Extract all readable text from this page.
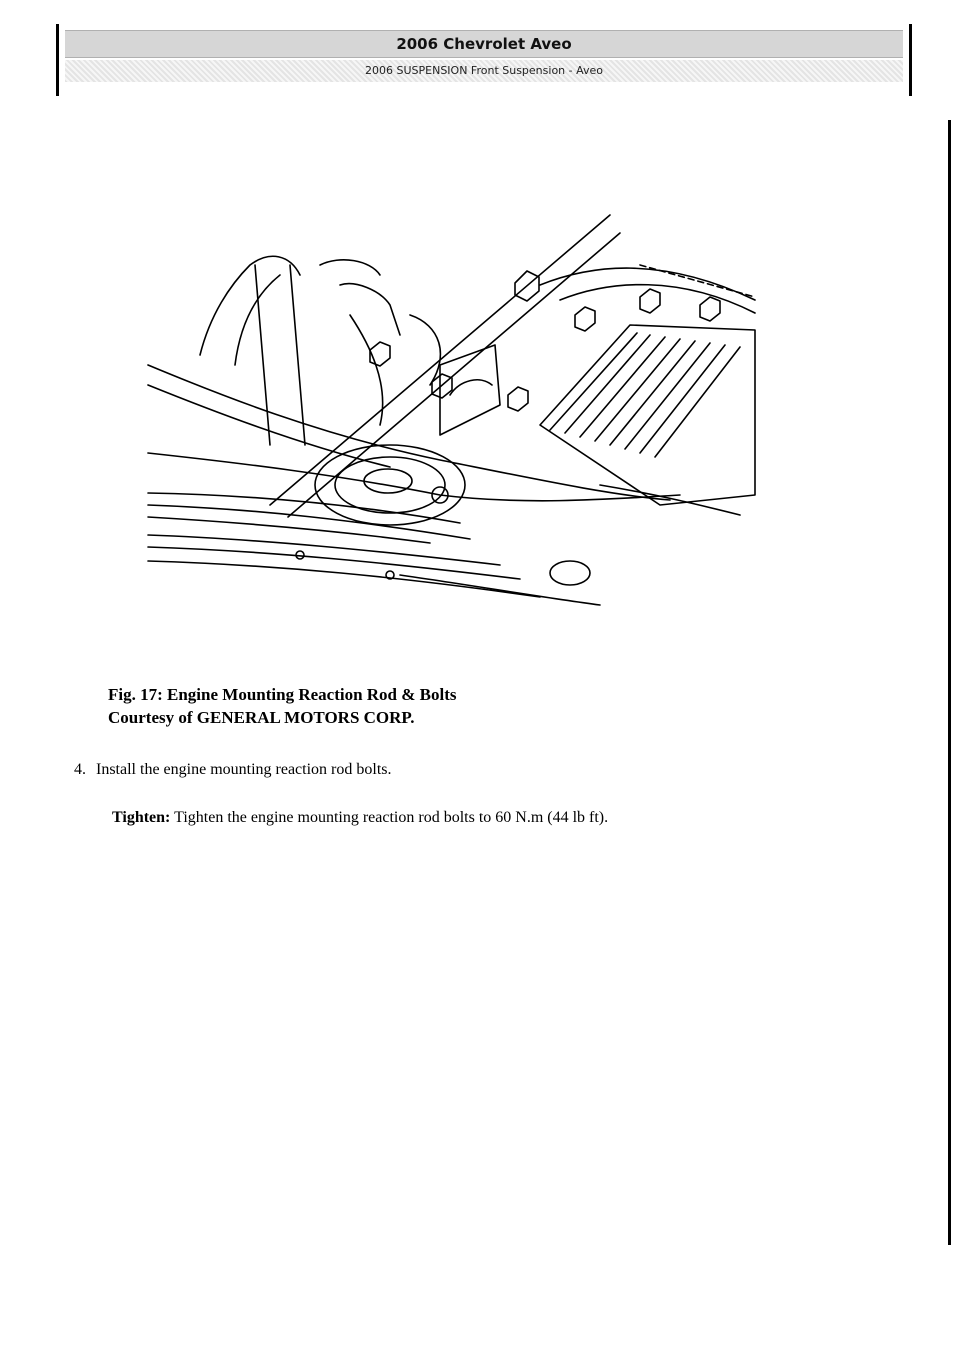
2006 Chevrolet Aveo
2006 SUSPENSION Front Suspension - Aveo
Fig. 17: Engine Mounting Reaction Rod & Bolts
Courtesy of GENERAL MOTORS CORP.
4. Install the engine mounting reaction rod bolts.
Tighten: Tighten the engine mounting reaction rod bolts to 60 N.m (44 lb ft).
